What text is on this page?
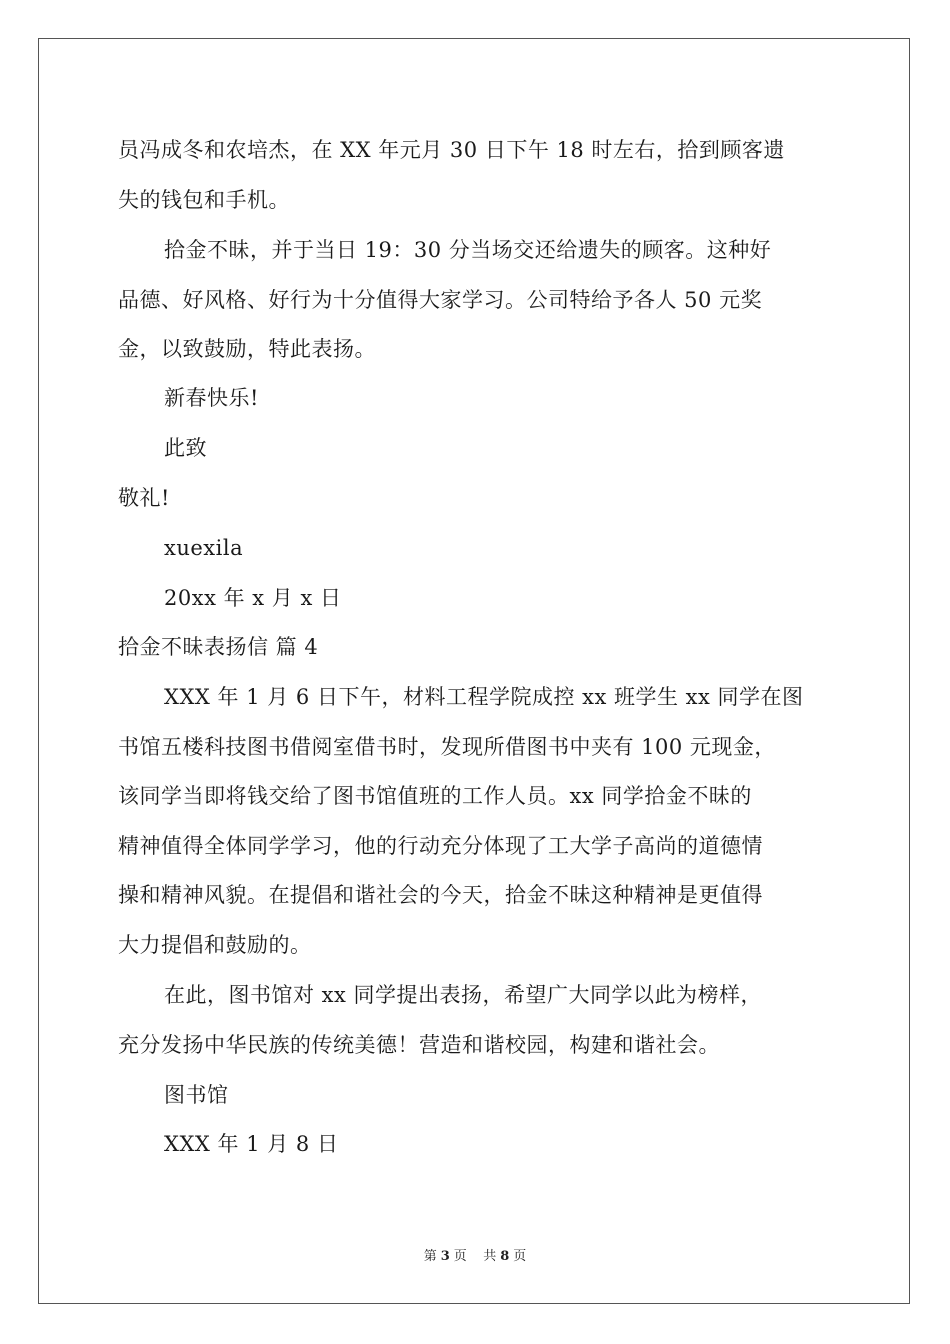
员冯成冬和农培杰，在 XX 年元月 30 日下午 18 时左右，拾到顾客遗
失的钱包和手机。
拾金不昧，并于当日 19：30 分当场交还给遗失的顾客。这种好
品德、好风格、好行为十分值得大家学习。公司特给予各人 50 元奖
金，以致鼓励，特此表扬。
新春快乐!
此致
敬礼!
xuexila
20xx 年 x 月 x 日
拾金不昧表扬信 篇 4
XXX 年 1 月 6 日下午，材料工程学院成控 xx 班学生 xx 同学在图
书馆五楼科技图书借阅室借书时，发现所借图书中夹有 100 元现金，
该同学当即将钱交给了图书馆值班的工作人员。xx 同学拾金不昧的
精神值得全体同学学习，他的行动充分体现了工大学子高尚的道德情
操和精神风貌。在提倡和谐社会的今天，拾金不昧这种精神是更值得
大力提倡和鼓励的。
在此，图书馆对 xx 同学提出表扬，希望广大同学以此为榜样，
充分发扬中华民族的传统美德！营造和谐校园，构建和谐社会。
图书馆
XXX 年 1 月 8 日
第 3 页 共 8 页
